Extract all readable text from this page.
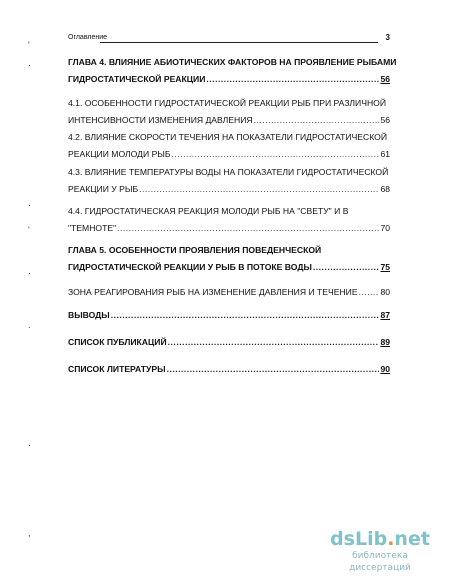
Оглавление	3
'
·
·
'
·
.
·
,
ГЛАВА 4. ВЛИЯНИЕ АБИОТИЧЕСКИХ ФАКТОРОВ НА ПРОЯВЛЕНИЕ РЫБАМИ
ГИДРОСТАТИЧЕСКОЙ РЕАКЦИИ .....	56
4.1. ОСОБЕННОСТИ ГИДРОСТАТИЧЕСКОЙ РЕАКЦИИ РЫБ ПРИ РАЗЛИЧНОЙ
ИНТЕНСИВНОСТИ ИЗМЕНЕНИЯ ДАВЛЕНИЯ .....	56
4.2. ВЛИЯНИЕ СКОРОСТИ ТЕЧЕНИЯ НА ПОКАЗАТЕЛИ ГИДРОСТАТИЧЕСКОЙ
РЕАКЦИИ МОЛОДИ РЫБ .....	61
4.3. ВЛИЯНИЕ ТЕМПЕРАТУРЫ ВОДЫ НА ПОКАЗАТЕЛИ ГИДРОСТАТИЧЕСКОЙ
РЕАКЦИИ У РЫБ .....	68
4.4. ГИДРОСТАТИЧЕСКАЯ РЕАКЦИЯ МОЛОДИ РЫБ НА "СВЕТУ" И В
"ТЕМНОТЕ" .....	70
ГЛАВА 5. ОСОБЕННОСТИ ПРОЯВЛЕНИЯ ПОВЕДЕНЧЕСКОЙ
ГИДРОСТАТИЧЕСКОЙ РЕАКЦИИ У РЫБ В ПОТОКЕ ВОДЫ .....	75
ЗОНА РЕАГИРОВАНИЯ РЫБ НА ИЗМЕНЕНИЕ ДАВЛЕНИЯ И ТЕЧЕНИЕ .....	80
ВЫВОДЫ .....	87
СПИСОК ПУБЛИКАЦИЙ .....	89
СПИСОК ЛИТЕРАТУРЫ .....	90
dsLib.net
библиотека диссертаций
